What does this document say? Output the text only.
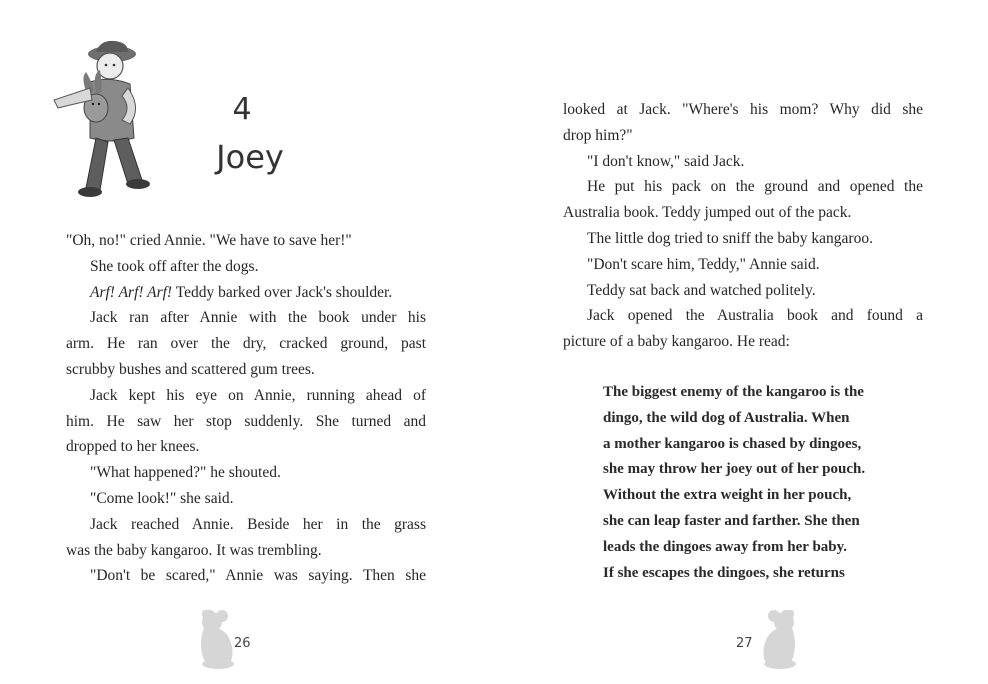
4
Joey
"Oh, no!" cried Annie. "We have to save her!"
She took off after the dogs.
Arf! Arf! Arf! Teddy barked over Jack's shoulder.
Jack ran after Annie with the book under his
arm. He ran over the dry, cracked ground, past
scrubby bushes and scattered gum trees.
Jack kept his eye on Annie, running ahead of
him. He saw her stop suddenly. She turned and
dropped to her knees.
"What happened?" he shouted.
"Come look!" she said.
Jack reached Annie. Beside her in the grass
was the baby kangaroo. It was trembling.
"Don't be scared," Annie was saying. Then she
26	27
looked at Jack. "Where's his mom? Why did she
drop him?"
"I don't know," said Jack.
He put his pack on the ground and opened the
Australia book. Teddy jumped out of the pack.
The little dog tried to sniff the baby kangaroo.
"Don't scare him, Teddy," Annie said.
Teddy sat back and watched politely.
Jack opened the Australia book and found a
picture of a baby kangaroo. He read:
The biggest enemy of the kangaroo is the
dingo, the wild dog of Australia. When
a mother kangaroo is chased by dingoes,
she may throw her joey out of her pouch.
Without the extra weight in her pouch,
she can leap faster and farther. She then
leads the dingoes away from her baby.
If she escapes the dingoes, she returns
